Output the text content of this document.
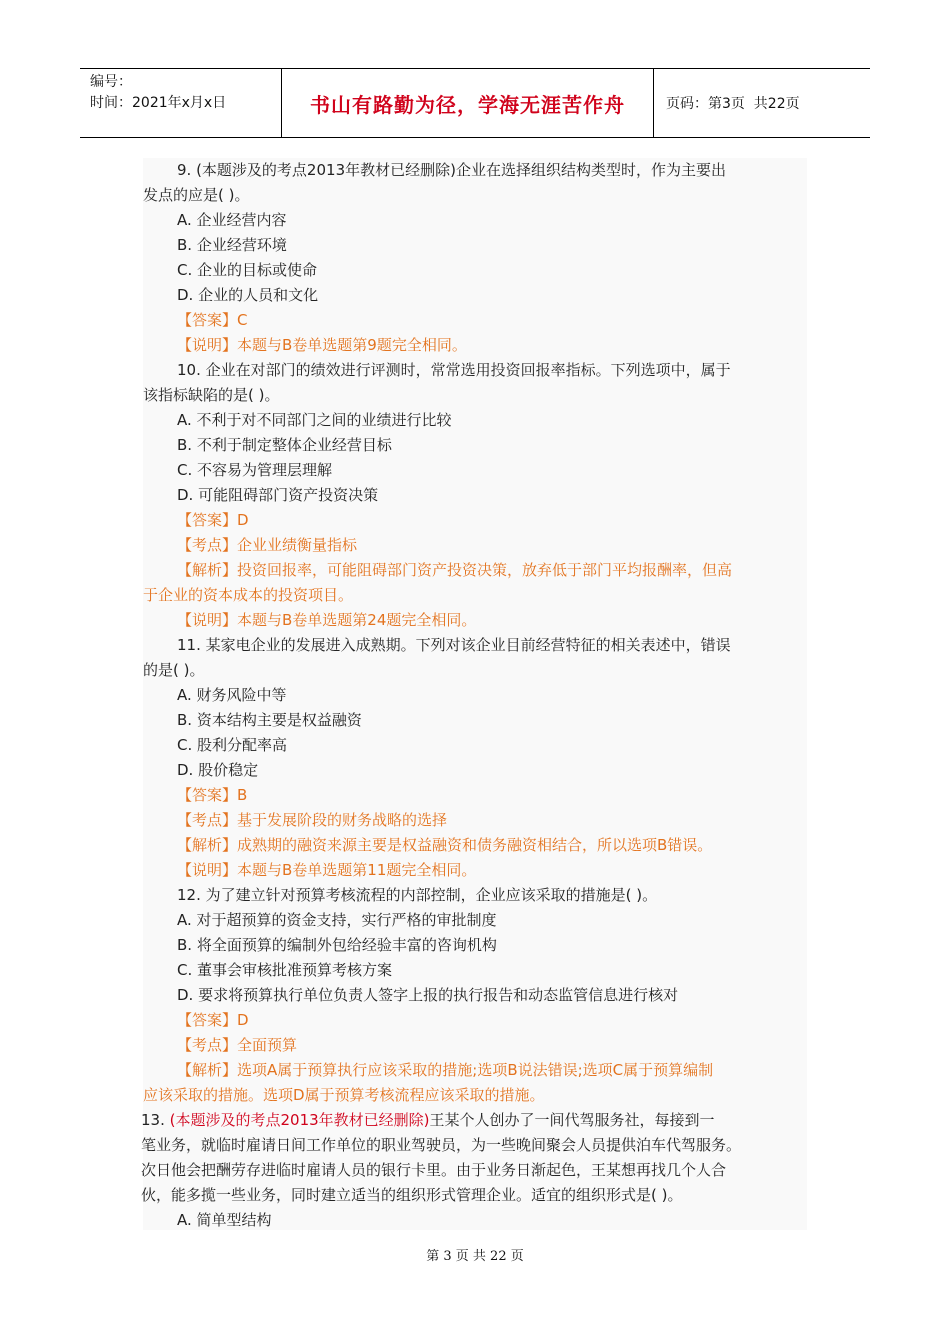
编号：
时间：2021年x月x日	书山有路勤为径，学海无涯苦作舟	页码：第3页  共22页
9. (本题涉及的考点2013年教材已经删除)企业在选择组织结构类型时，作为主要出
发点的应是( )。
A. 企业经营内容
B. 企业经营环境
C. 企业的目标或使命
D. 企业的人员和文化
【答案】C
【说明】本题与B卷单选题第9题完全相同。
10. 企业在对部门的绩效进行评测时，常常选用投资回报率指标。下列选项中，属于
该指标缺陷的是( )。
A. 不利于对不同部门之间的业绩进行比较
B. 不利于制定整体企业经营目标
C. 不容易为管理层理解
D. 可能阻碍部门资产投资决策
【答案】D
【考点】企业业绩衡量指标
【解析】投资回报率，可能阻碍部门资产投资决策，放弃低于部门平均报酬率，但高
于企业的资本成本的投资项目。
【说明】本题与B卷单选题第24题完全相同。
11. 某家电企业的发展进入成熟期。下列对该企业目前经营特征的相关表述中，错误
的是( )。
A. 财务风险中等
B. 资本结构主要是权益融资
C. 股利分配率高
D. 股价稳定
【答案】B
【考点】基于发展阶段的财务战略的选择
【解析】成熟期的融资来源主要是权益融资和债务融资相结合，所以选项B错误。
【说明】本题与B卷单选题第11题完全相同。
12. 为了建立针对预算考核流程的内部控制，企业应该采取的措施是( )。
A. 对于超预算的资金支持，实行严格的审批制度
B. 将全面预算的编制外包给经验丰富的咨询机构
C. 董事会审核批准预算考核方案
D. 要求将预算执行单位负责人签字上报的执行报告和动态监管信息进行核对
【答案】D
【考点】全面预算
【解析】选项A属于预算执行应该采取的措施;选项B说法错误;选项C属于预算编制
应该采取的措施。选项D属于预算考核流程应该采取的措施。
13. (本题涉及的考点2013年教材已经删除)王某个人创办了一间代驾服务社，每接到一
笔业务，就临时雇请日间工作单位的职业驾驶员，为一些晚间聚会人员提供泊车代驾服务。
次日他会把酬劳存进临时雇请人员的银行卡里。由于业务日渐起色，王某想再找几个人合
伙，能多揽一些业务，同时建立适当的组织形式管理企业。适宜的组织形式是( )。
A. 简单型结构
第 3 页 共 22 页
